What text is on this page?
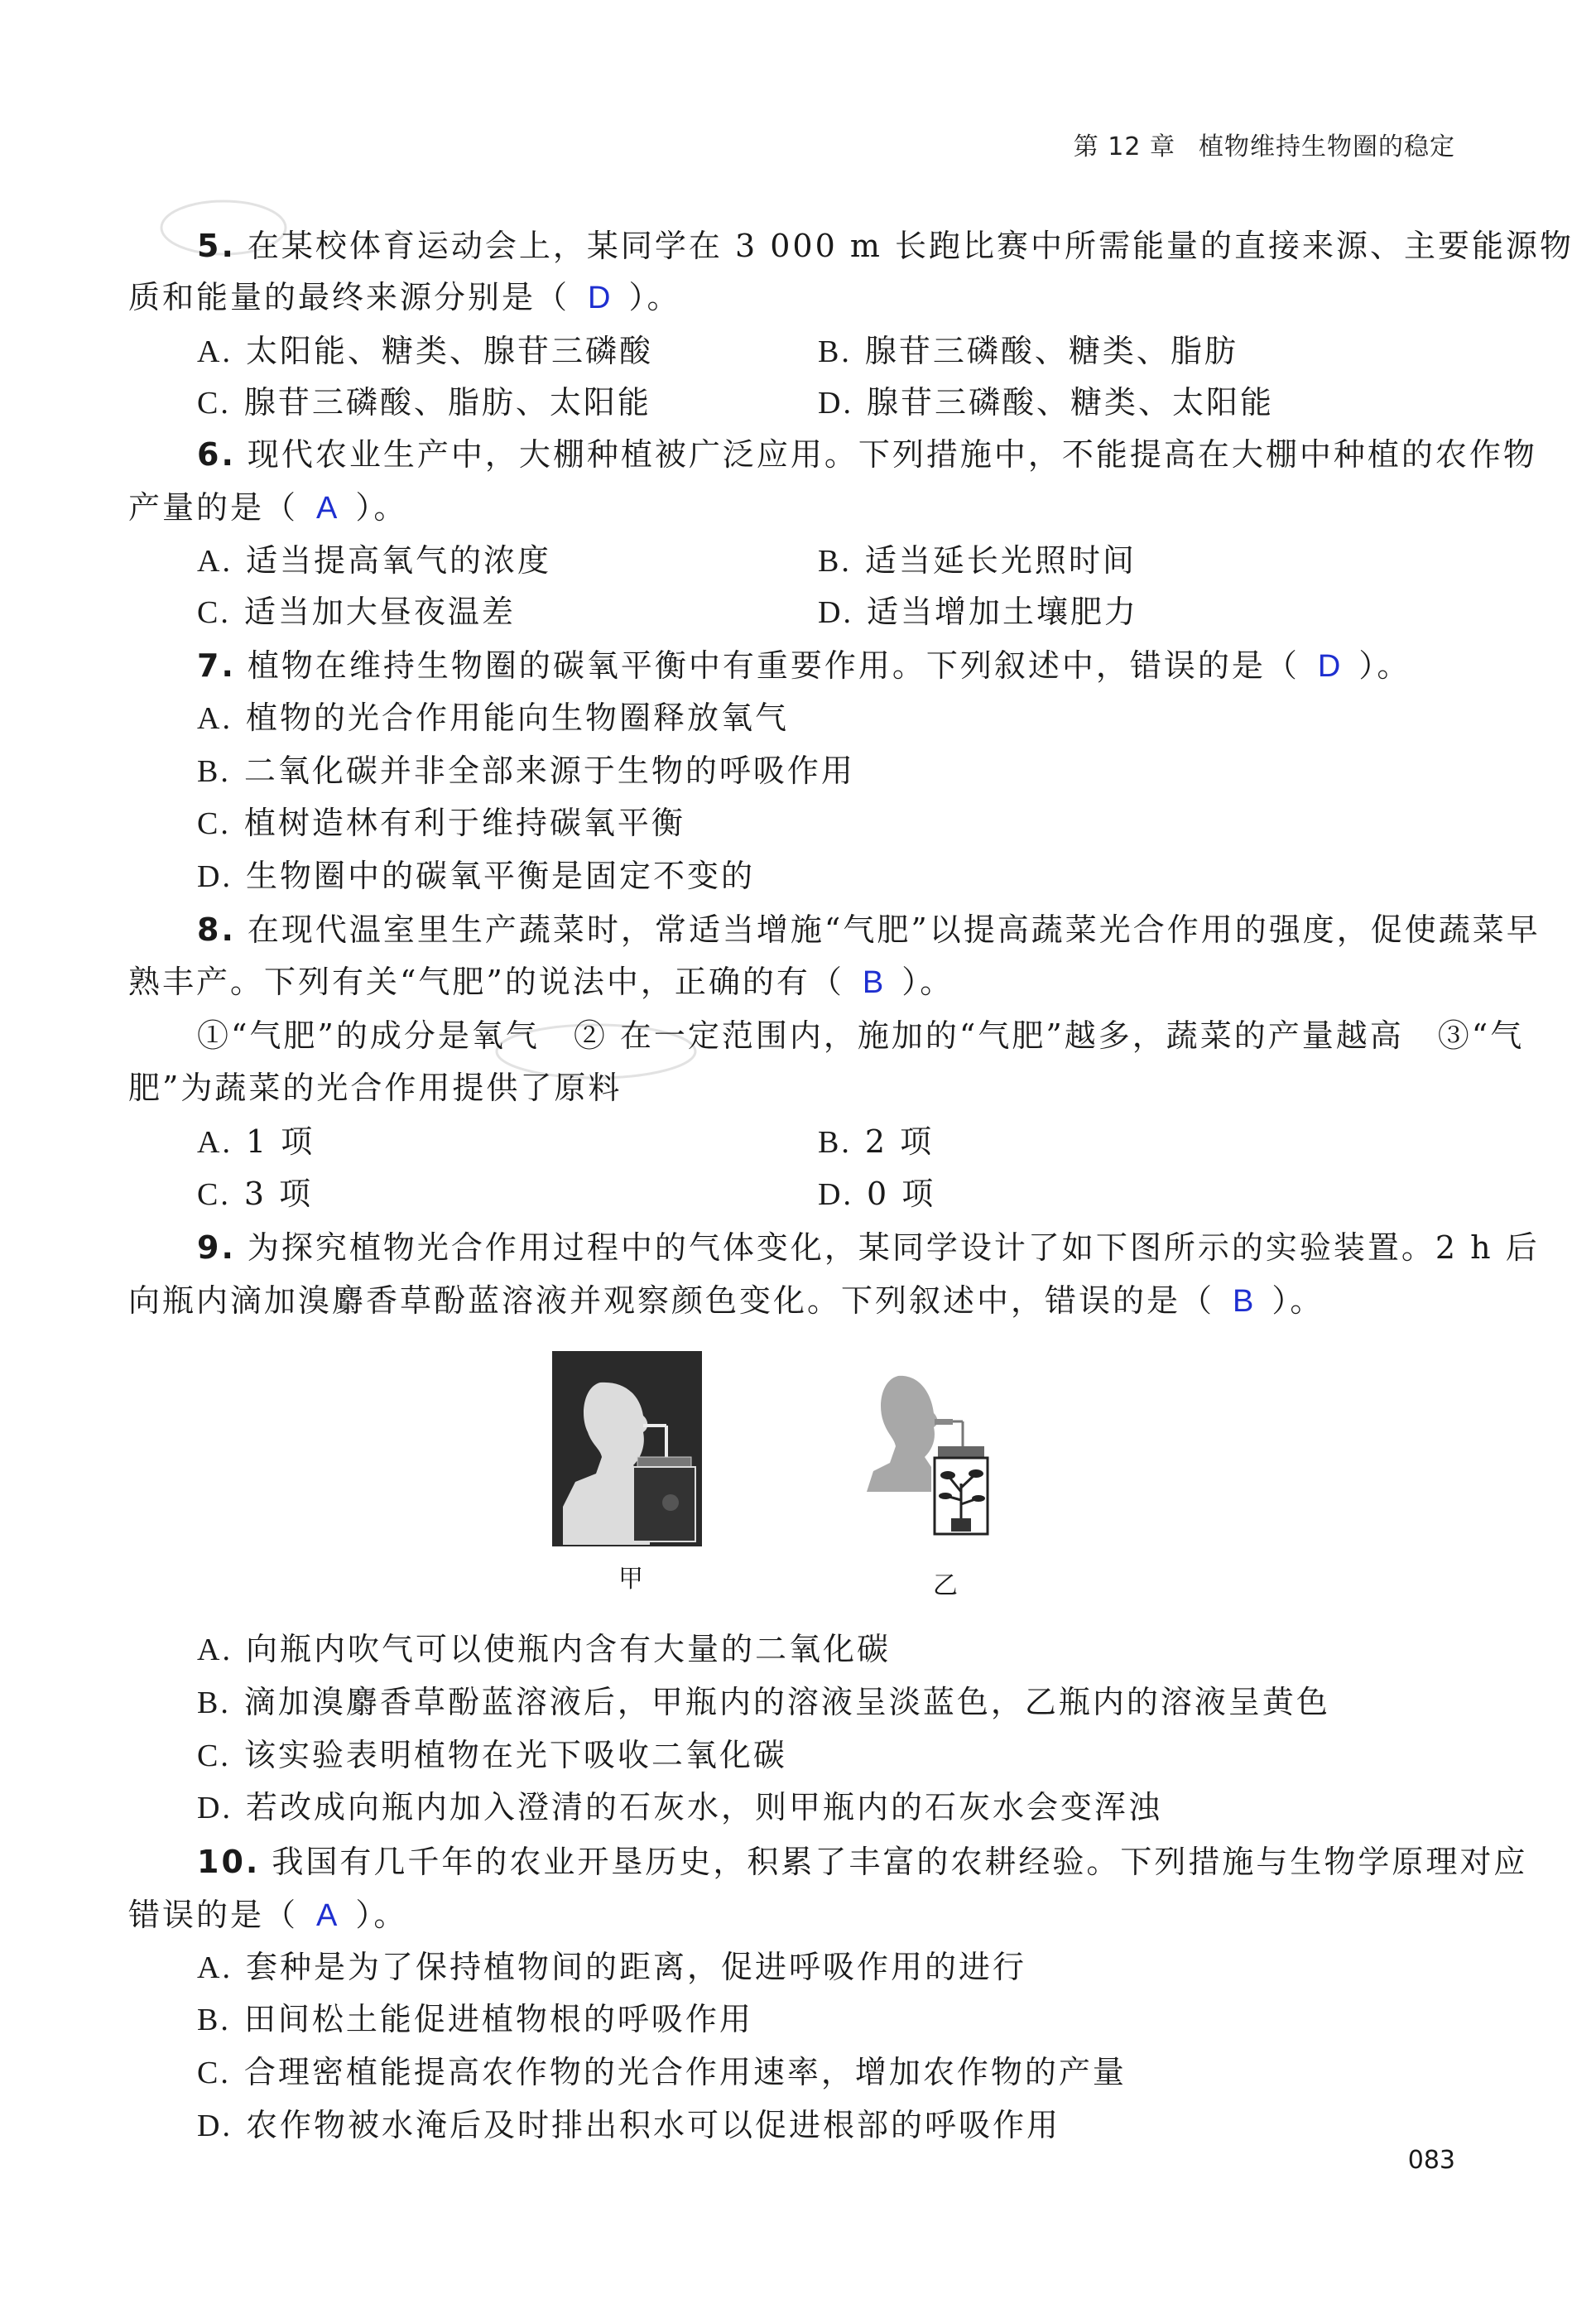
第 12 章 植物维持生物圈的稳定
5. 在某校体育运动会上，某同学在 3 000 m 长跑比赛中所需能量的直接来源、主要能源物
质和能量的最终来源分别是（ D ）。
A. 太阳能、糖类、腺苷三磷酸	B. 腺苷三磷酸、糖类、脂肪
C. 腺苷三磷酸、脂肪、太阳能	D. 腺苷三磷酸、糖类、太阳能
6. 现代农业生产中，大棚种植被广泛应用。下列措施中，不能提高在大棚中种植的农作物
产量的是（ A ）。
A. 适当提高氧气的浓度	B. 适当延长光照时间
C. 适当加大昼夜温差	D. 适当增加土壤肥力
7. 植物在维持生物圈的碳氧平衡中有重要作用。下列叙述中，错误的是（ D ）。
A. 植物的光合作用能向生物圈释放氧气
B. 二氧化碳并非全部来源于生物的呼吸作用
C. 植树造林有利于维持碳氧平衡
D. 生物圈中的碳氧平衡是固定不变的
8. 在现代温室里生产蔬菜时，常适当增施“气肥”以提高蔬菜光合作用的强度，促使蔬菜早
熟丰产。下列有关“气肥”的说法中，正确的有（ B ）。
①“气肥”的成分是氧气　② 在一定范围内，施加的“气肥”越多，蔬菜的产量越高　③“气
肥”为蔬菜的光合作用提供了原料
A. 1 项	B. 2 项
C. 3 项	D. 0 项
9. 为探究植物光合作用过程中的气体变化，某同学设计了如下图所示的实验装置。2 h 后
向瓶内滴加溴麝香草酚蓝溶液并观察颜色变化。下列叙述中，错误的是（ B ）。
甲	乙
A. 向瓶内吹气可以使瓶内含有大量的二氧化碳
B. 滴加溴麝香草酚蓝溶液后，甲瓶内的溶液呈淡蓝色，乙瓶内的溶液呈黄色
C. 该实验表明植物在光下吸收二氧化碳
D. 若改成向瓶内加入澄清的石灰水，则甲瓶内的石灰水会变浑浊
10. 我国有几千年的农业开垦历史，积累了丰富的农耕经验。下列措施与生物学原理对应
错误的是（ A ）。
A. 套种是为了保持植物间的距离，促进呼吸作用的进行
B. 田间松土能促进植物根的呼吸作用
C. 合理密植能提高农作物的光合作用速率，增加农作物的产量
D. 农作物被水淹后及时排出积水可以促进根部的呼吸作用
083
